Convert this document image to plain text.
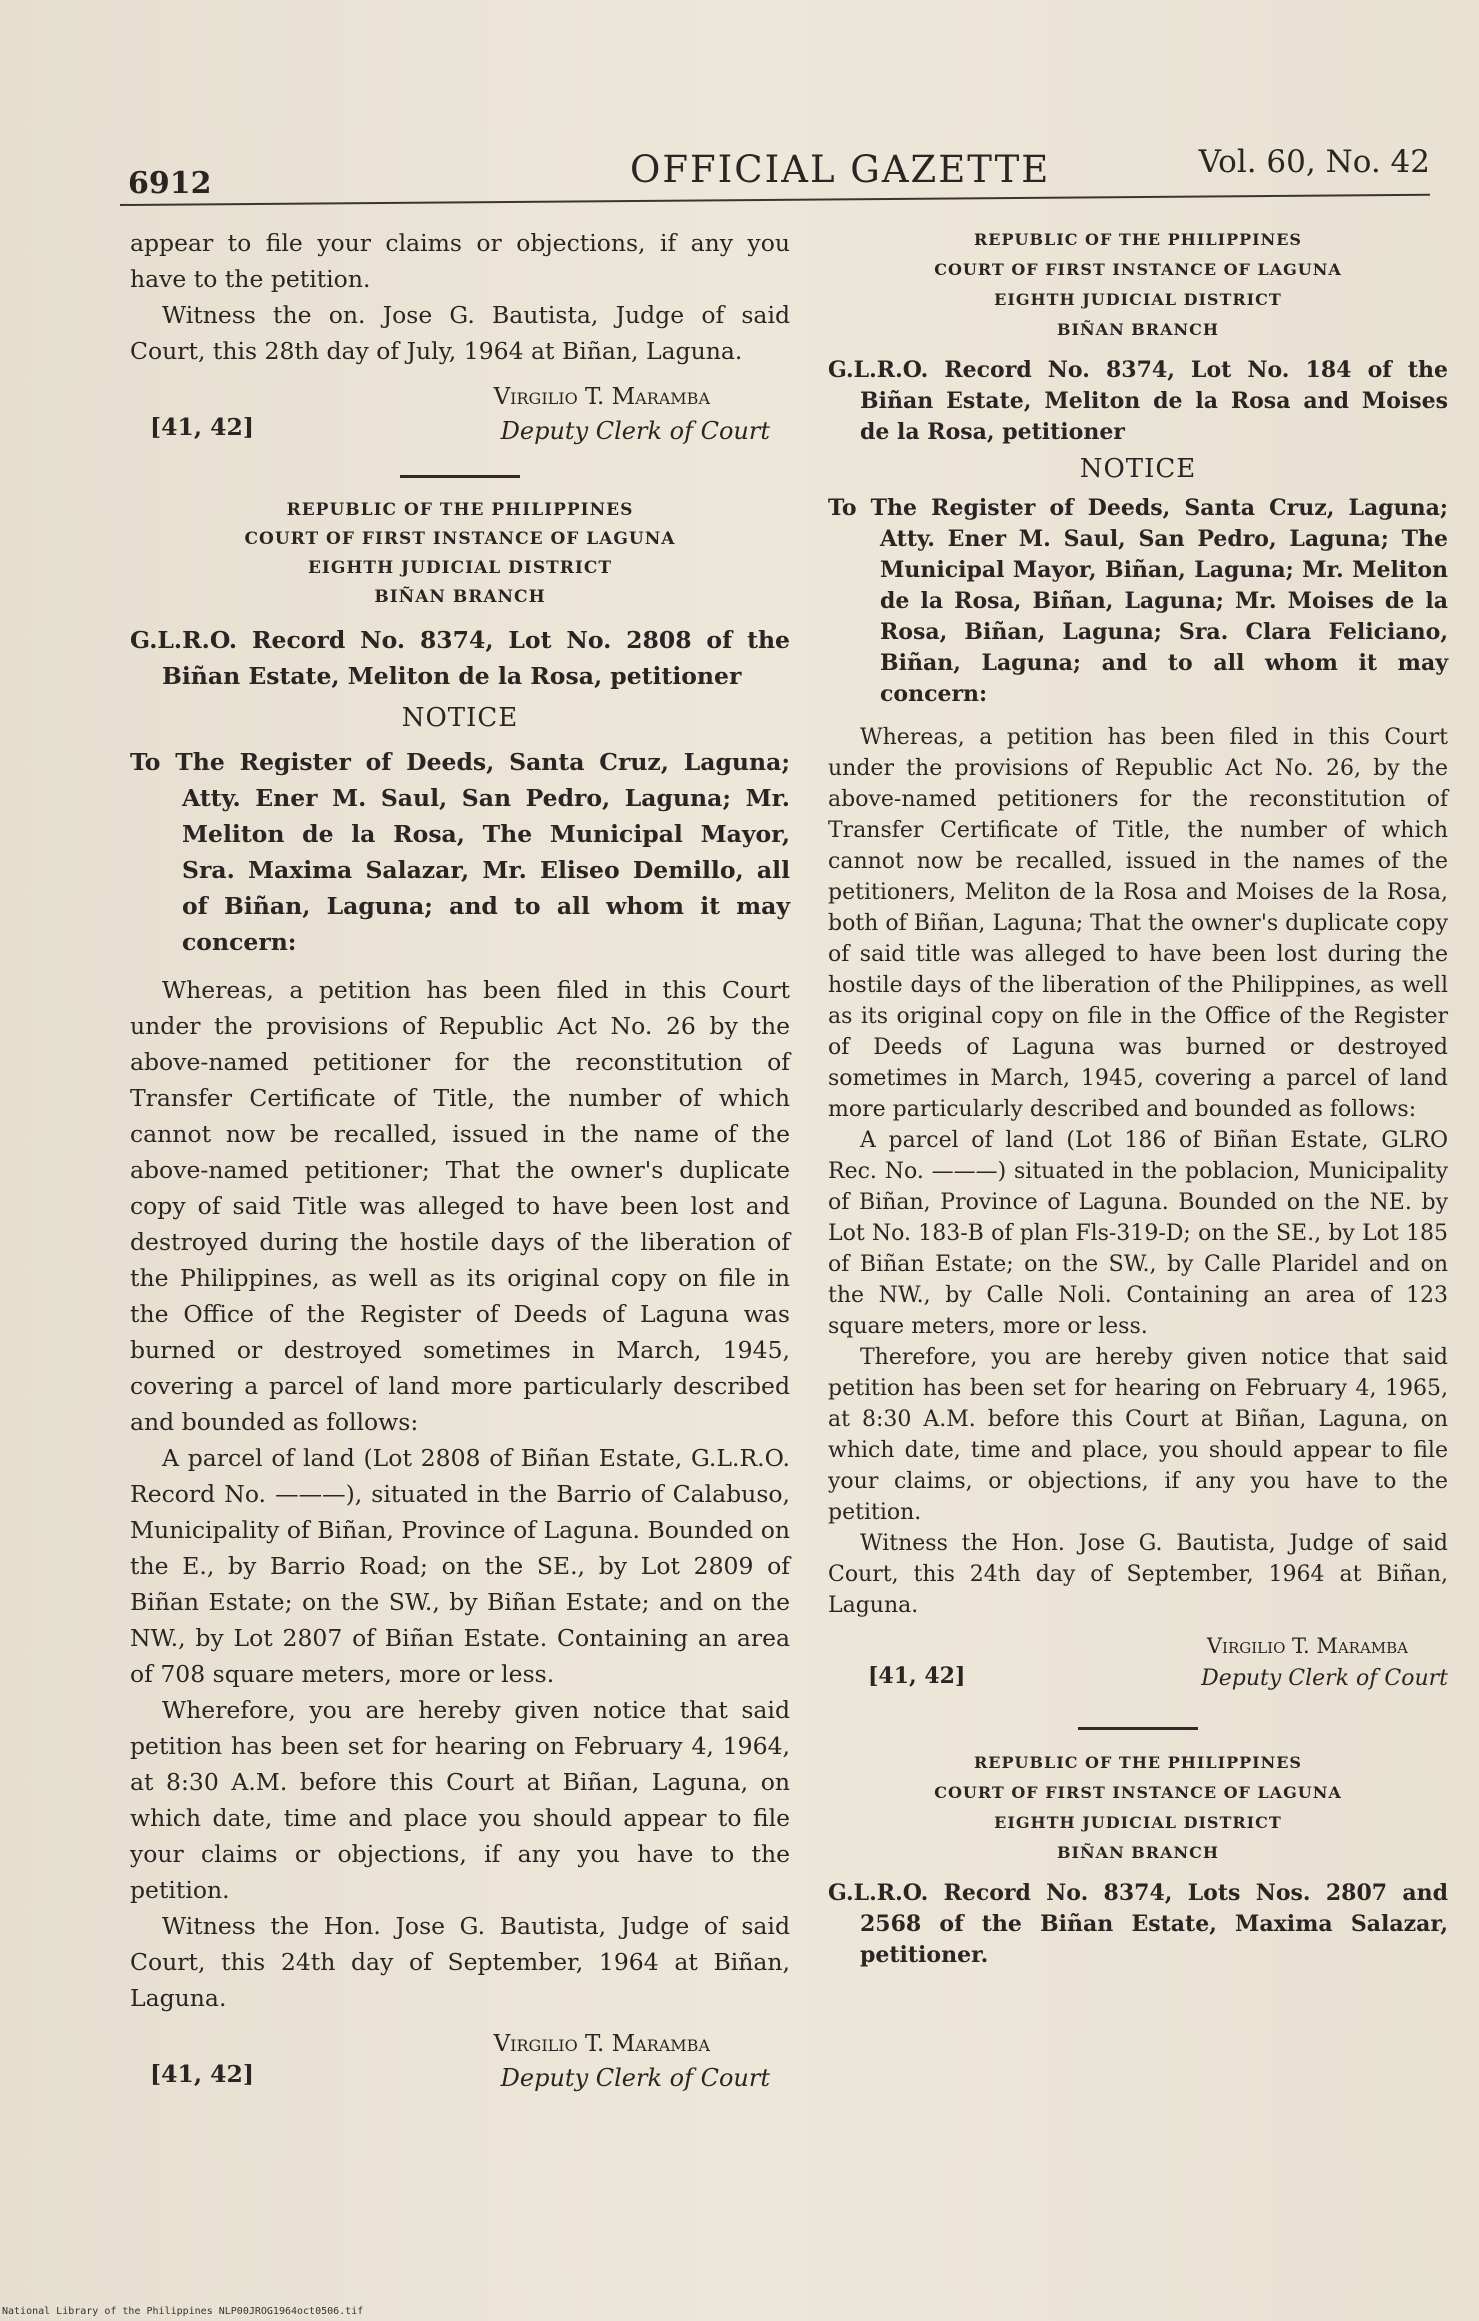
6912	OFFICIAL GAZETTE	Vol. 60, No. 42

appear to file your claims or objections, if any you have to the petition.

Witness the on. Jose G. Bautista, Judge of said Court, this 28th day of July, 1964 at Biñan, Laguna.

Virgilio T. Maramba
Deputy Clerk of Court
[41, 42]
REPUBLIC OF THE PHILIPPINES
COURT OF FIRST INSTANCE OF LAGUNA
EIGHTH JUDICIAL DISTRICT
BIÑAN BRANCH

G.L.R.O. Record No. 8374, Lot No. 2808 of the Biñan Estate, Meliton de la Rosa, petitioner

NOTICE

To The Register of Deeds, Santa Cruz, Laguna; Atty. Ener M. Saul, San Pedro, Laguna; Mr. Meliton de la Rosa, The Municipal Mayor, Sra. Maxima Salazar, Mr. Eliseo Demillo, all of Biñan, Laguna; and to all whom it may concern:

Whereas, a petition has been filed in this Court under the provisions of Republic Act No. 26 by the above-named petitioner for the reconstitution of Transfer Certificate of Title, the number of which cannot now be recalled, issued in the name of the above-named petitioner; That the owner's duplicate copy of said Title was alleged to have been lost and destroyed during the hostile days of the liberation of the Philippines, as well as its original copy on file in the Office of the Register of Deeds of Laguna was burned or destroyed sometimes in March, 1945, covering a parcel of land more particularly described and bounded as follows:

A parcel of land (Lot 2808 of Biñan Estate, G.L.R.O. Record No. ———), situated in the Barrio of Calabuso, Municipality of Biñan, Province of Laguna. Bounded on the E., by Barrio Road; on the SE., by Lot 2809 of Biñan Estate; on the SW., by Biñan Estate; and on the NW., by Lot 2807 of Biñan Estate. Containing an area of 708 square meters, more or less.

Wherefore, you are hereby given notice that said petition has been set for hearing on February 4, 1964, at 8:30 A.M. before this Court at Biñan, Laguna, on which date, time and place you should appear to file your claims or objections, if any you have to the petition.

Witness the Hon. Jose G. Bautista, Judge of said Court, this 24th day of September, 1964 at Biñan, Laguna.

Virgilio T. Maramba
Deputy Clerk of Court
[41, 42]
REPUBLIC OF THE PHILIPPINES
COURT OF FIRST INSTANCE OF LAGUNA
EIGHTH JUDICIAL DISTRICT
BIÑAN BRANCH

G.L.R.O. Record No. 8374, Lot No. 184 of the Biñan Estate, Meliton de la Rosa and Moises de la Rosa, petitioner

NOTICE

To The Register of Deeds, Santa Cruz, Laguna; Atty. Ener M. Saul, San Pedro, Laguna; The Municipal Mayor, Biñan, Laguna; Mr. Meliton de la Rosa, Biñan, Laguna; Mr. Moises de la Rosa, Biñan, Laguna; Sra. Clara Feliciano, Biñan, Laguna; and to all whom it may concern:

Whereas, a petition has been filed in this Court under the provisions of Republic Act No. 26, by the above-named petitioners for the reconstitution of Transfer Certificate of Title, the number of which cannot now be recalled, issued in the names of the petitioners, Meliton de la Rosa and Moises de la Rosa, both of Biñan, Laguna; That the owner's duplicate copy of said title was alleged to have been lost during the hostile days of the liberation of the Philippines, as well as its original copy on file in the Office of the Register of Deeds of Laguna was burned or destroyed sometimes in March, 1945, covering a parcel of land more particularly described and bounded as follows:

A parcel of land (Lot 186 of Biñan Estate, GLRO Rec. No. ———) situated in the poblacion, Municipality of Biñan, Province of Laguna. Bounded on the NE. by Lot No. 183-B of plan Fls-319-D; on the SE., by Lot 185 of Biñan Estate; on the SW., by Calle Plaridel and on the NW., by Calle Noli. Containing an area of 123 square meters, more or less.

Therefore, you are hereby given notice that said petition has been set for hearing on February 4, 1965, at 8:30 A.M. before this Court at Biñan, Laguna, on which date, time and place, you should appear to file your claims, or objections, if any you have to the petition.

Witness the Hon. Jose G. Bautista, Judge of said Court, this 24th day of September, 1964 at Biñan, Laguna.

Virgilio T. Maramba
Deputy Clerk of Court
[41, 42]
REPUBLIC OF THE PHILIPPINES
COURT OF FIRST INSTANCE OF LAGUNA
EIGHTH JUDICIAL DISTRICT
BIÑAN BRANCH

G.L.R.O. Record No. 8374, Lots Nos. 2807 and 2568 of the Biñan Estate, Maxima Salazar, petitioner.

National Library of the Philippines NLP00JROG1964oct0506.tif
